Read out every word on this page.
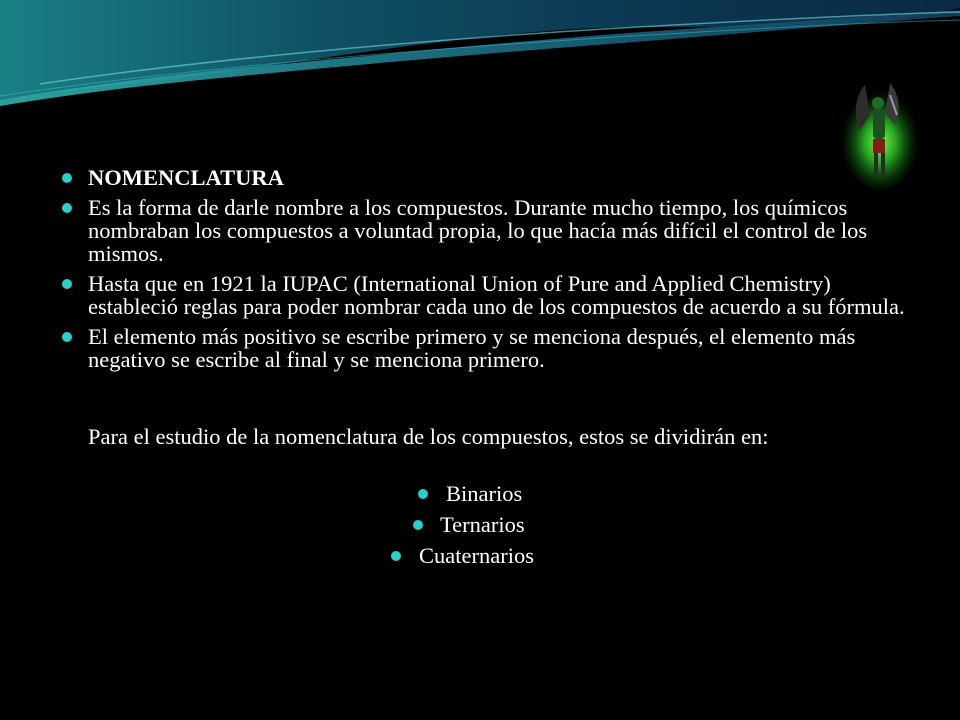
NOMENCLATURA
Es la forma de darle nombre a los compuestos. Durante mucho tiempo, los químicos nombraban los compuestos a voluntad propia, lo que hacía más difícil el control de los mismos.
Hasta que en 1921 la IUPAC (International Union of Pure and Applied Chemistry) estableció reglas para poder nombrar cada uno de los compuestos de acuerdo a su fórmula.
El elemento más positivo se escribe primero y se menciona después, el elemento más negativo se escribe al final y se menciona primero.
Para el estudio de la nomenclatura de los compuestos, estos se dividirán en:
Binarios
Ternarios
Cuaternarios
